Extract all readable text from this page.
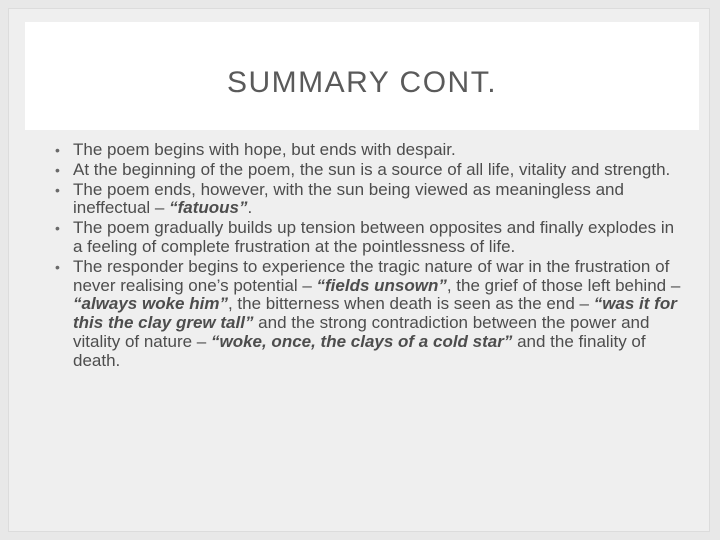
SUMMARY CONT.
• The poem begins with hope, but ends with despair.
• At the beginning of the poem, the sun is a source of all life, vitality and strength.
• The poem ends, however, with the sun being viewed as meaningless and ineffectual – “fatuous”.
• The poem gradually builds up tension between opposites and finally explodes in a feeling of complete frustration at the pointlessness of life.
• The responder begins to experience the tragic nature of war in the frustration of never realising one’s potential – “fields unsown”, the grief of those left behind – “always woke him”, the bitterness when death is seen as the end – “was it for this the clay grew tall” and the strong contradiction between the power and vitality of nature – “woke, once, the clays of a cold star” and the finality of death.
